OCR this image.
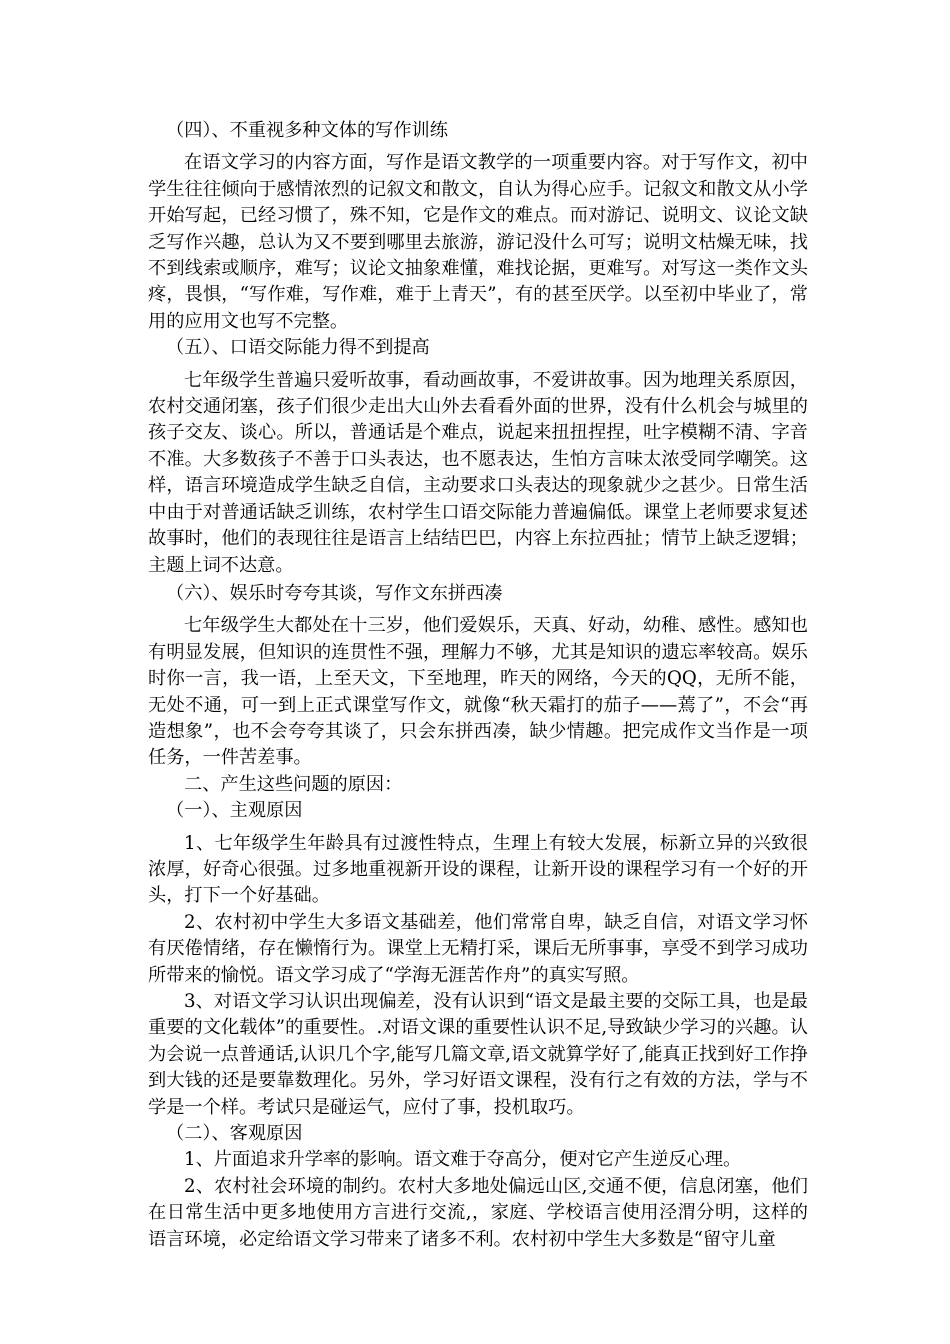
（四）、不重视多种文体的写作训练

在语文学习的内容方面，写作是语文教学的一项重要内容。对于写作文，初中学生往往倾向于感情浓烈的记叙文和散文，自认为得心应手。记叙文和散文从小学开始写起，已经习惯了，殊不知，它是作文的难点。而对游记、说明文、议论文缺乏写作兴趣，总认为又不要到哪里去旅游，游记没什么可写；说明文枯燥无味，找不到线索或顺序，难写；议论文抽象难懂，难找论据，更难写。对写这一类作文头疼，畏惧，“写作难，写作难，难于上青天”，有的甚至厌学。以至初中毕业了，常用的应用文也写不完整。

（五）、口语交际能力得不到提高

七年级学生普遍只爱听故事，看动画故事，不爱讲故事。因为地理关系原因，农村交通闭塞，孩子们很少走出大山外去看看外面的世界，没有什么机会与城里的孩子交友、谈心。所以，普通话是个难点，说起来扭扭捏捏，吐字模糊不清、字音不准。大多数孩子不善于口头表达，也不愿表达，生怕方言味太浓受同学嘲笑。这样，语言环境造成学生缺乏自信，主动要求口头表达的现象就少之甚少。日常生活中由于对普通话缺乏训练，农村学生口语交际能力普遍偏低。课堂上老师要求复述故事时，他们的表现往往是语言上结结巴巴，内容上东拉西扯；情节上缺乏逻辑；主题上词不达意。

（六）、娱乐时夸夸其谈，写作文东拼西凑

七年级学生大都处在十三岁，他们爱娱乐，天真、好动，幼稚、感性。感知也有明显发展，但知识的连贯性不强，理解力不够，尤其是知识的遗忘率较高。娱乐时你一言，我一语，上至天文，下至地理，昨天的网络，今天的QQ，无所不能，无处不通，可一到上正式课堂写作文，就像“秋天霜打的茄子——蔫了”，不会“再造想象”，也不会夸夸其谈了，只会东拼西凑，缺少情趣。把完成作文当作是一项任务，一件苦差事。

二、产生这些问题的原因：

（一）、主观原因

1、七年级学生年龄具有过渡性特点，生理上有较大发展，标新立异的兴致很浓厚，好奇心很强。过多地重视新开设的课程，让新开设的课程学习有一个好的开头，打下一个好基础。

2、农村初中学生大多语文基础差，他们常常自卑，缺乏自信，对语文学习怀有厌倦情绪，存在懒惰行为。课堂上无精打采，课后无所事事，享受不到学习成功所带来的愉悦。语文学习成了“学海无涯苦作舟”的真实写照。

3、对语文学习认识出现偏差，没有认识到“语文是最主要的交际工具，也是最重要的文化载体”的重要性。.对语文课的重要性认识不足,导致缺少学习的兴趣。认为会说一点普通话,认识几个字,能写几篇文章,语文就算学好了,能真正找到好工作挣到大钱的还是要靠数理化。另外，学习好语文课程，没有行之有效的方法，学与不学是一个样。考试只是碰运气，应付了事，投机取巧。

（二）、客观原因

1、片面追求升学率的影响。语文难于夺高分，便对它产生逆反心理。

2、农村社会环境的制约。农村大多地处偏远山区,交通不便，信息闭塞，他们在日常生活中更多地使用方言进行交流,，家庭、学校语言使用泾渭分明，这样的语言环境，必定给语文学习带来了诸多不利。农村初中学生大多数是“留守儿童
